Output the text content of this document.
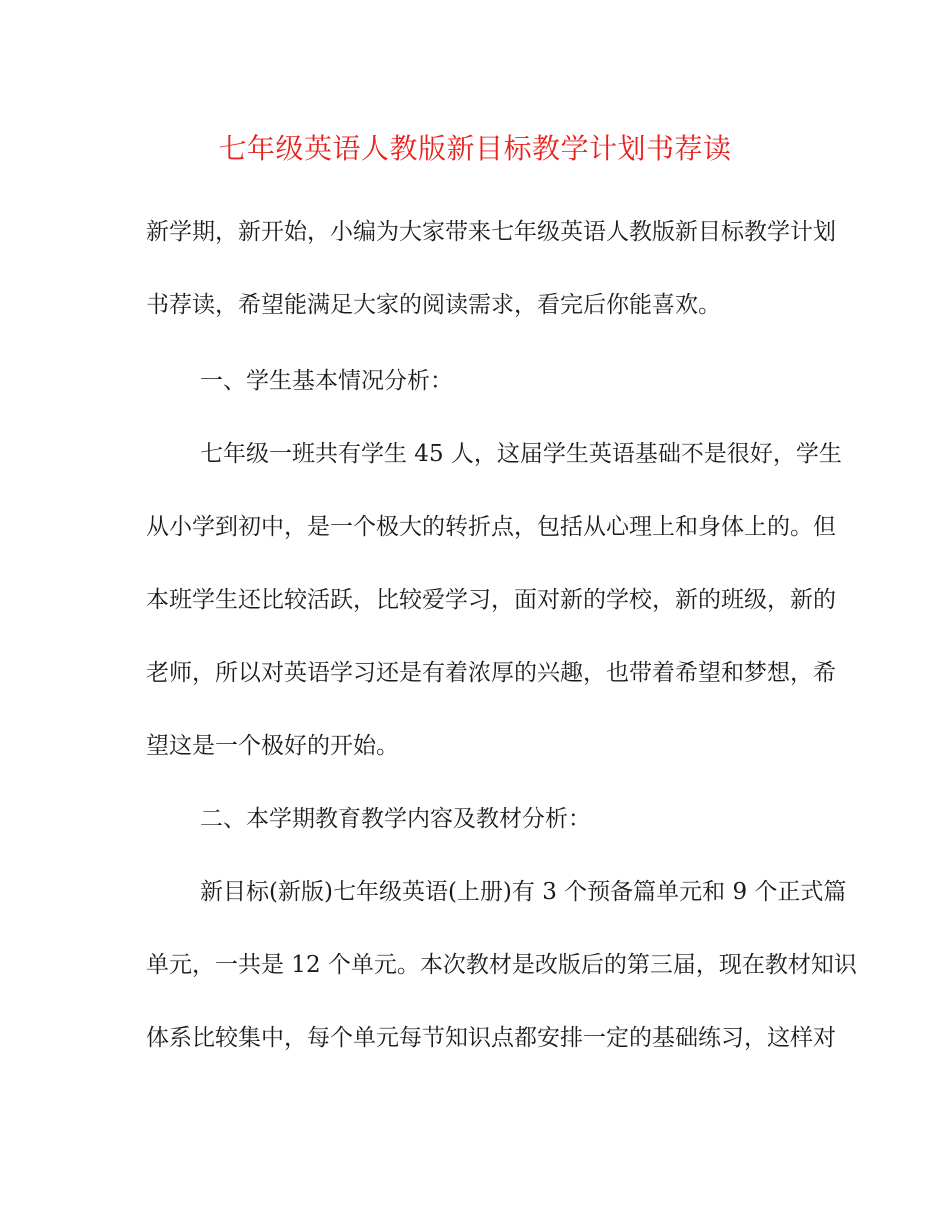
七年级英语人教版新目标教学计划书荐读
新学期，新开始，小编为大家带来七年级英语人教版新目标教学计划
书荐读，希望能满足大家的阅读需求，看完后你能喜欢。
一、学生基本情况分析：
七年级一班共有学生 45 人，这届学生英语基础不是很好，学生
从小学到初中，是一个极大的转折点，包括从心理上和身体上的。但
本班学生还比较活跃，比较爱学习，面对新的学校，新的班级，新的
老师，所以对英语学习还是有着浓厚的兴趣，也带着希望和梦想，希
望这是一个极好的开始。
二、本学期教育教学内容及教材分析：
新目标(新版)七年级英语(上册)有 3 个预备篇单元和 9 个正式篇
单元，一共是 12 个单元。本次教材是改版后的第三届，现在教材知识
体系比较集中，每个单元每节知识点都安排一定的基础练习，这样对
